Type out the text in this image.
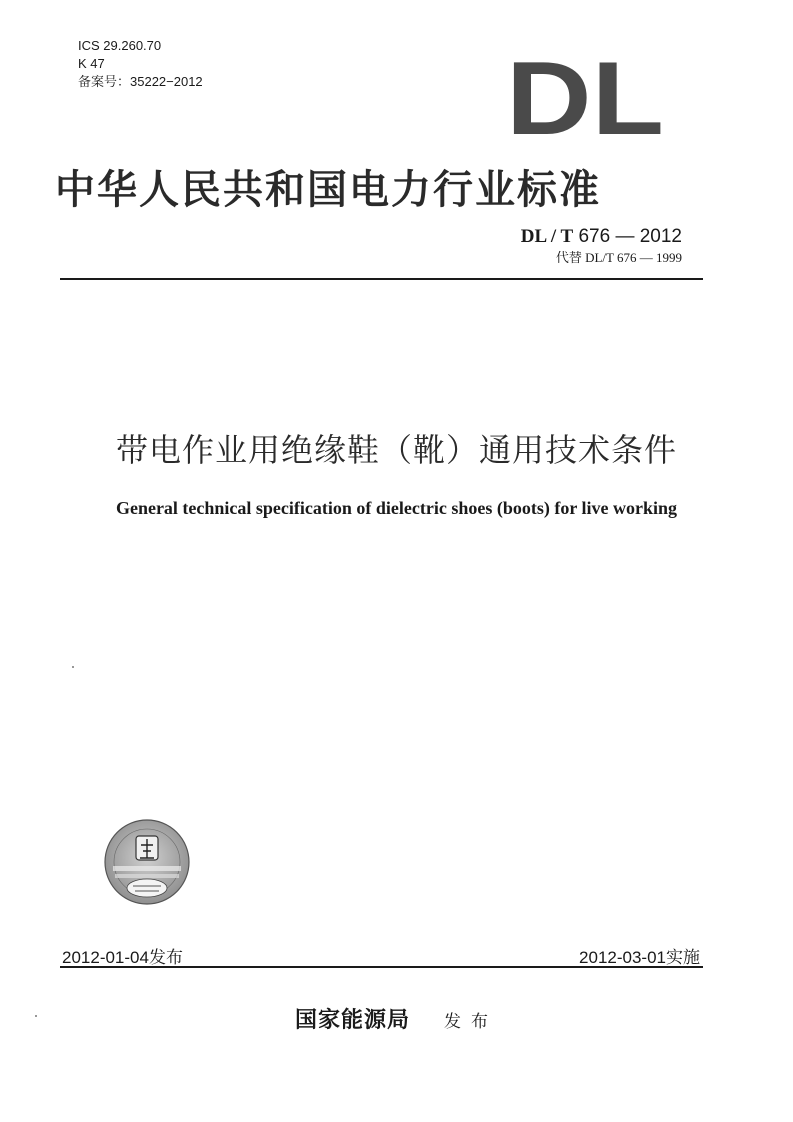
ICS 29.260.70
K 47
备案号：35222−2012	DL
中华人民共和国电力行业标准
DL / T 676 — 2012
代替 DL/T 676 — 1999
带电作业用绝缘鞋（靴）通用技术条件
General technical specification of dielectric shoes (boots) for live working
2012-01-04发布	2012-03-01实施
国家能源局 发布
